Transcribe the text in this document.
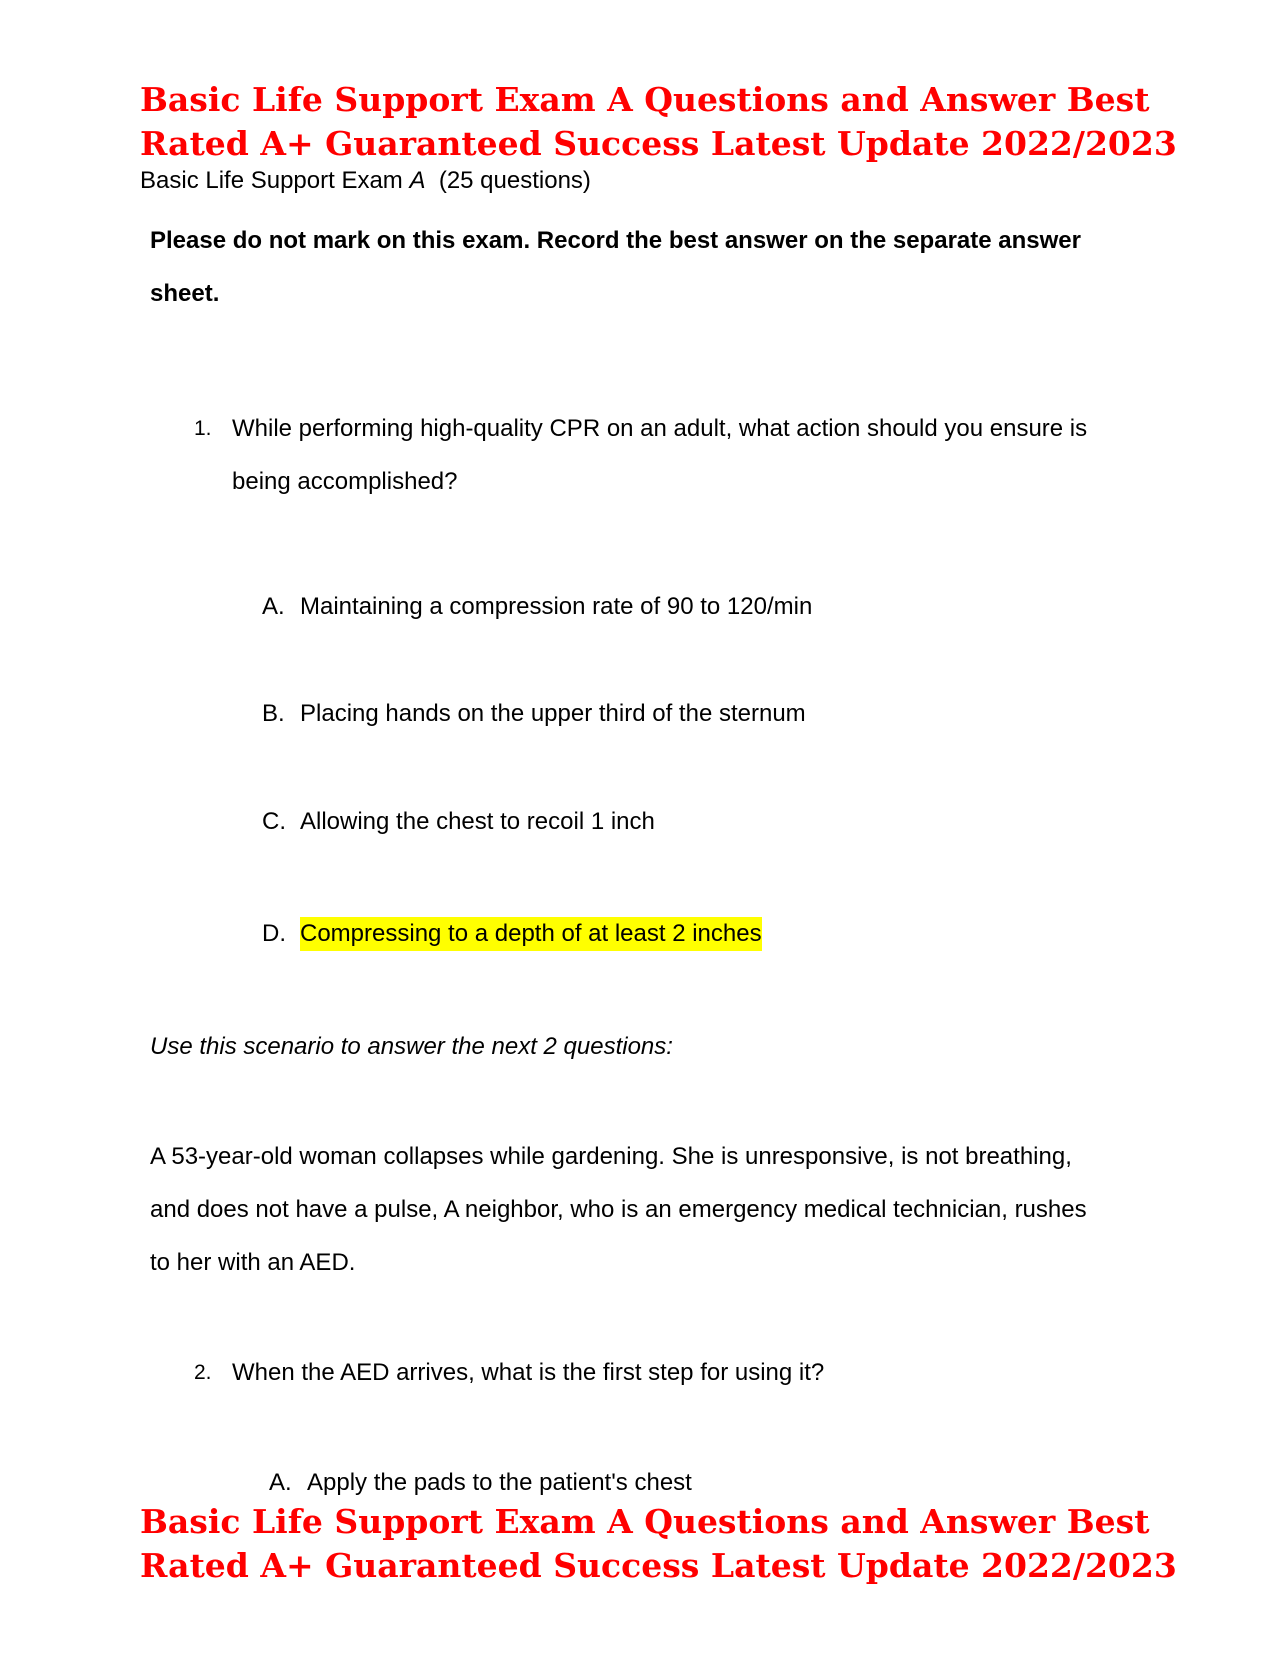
Basic Life Support Exam A Questions and Answer Best
Rated A+ Guaranteed Success Latest Update 2022/2023
Basic Life Support Exam A  (25 questions)
Please do not mark on this exam. Record the best answer on the separate answer sheet.
1. While performing high-quality CPR on an adult, what action should you ensure is being accomplished?
A. Maintaining a compression rate of 90 to 120/min
B. Placing hands on the upper third of the sternum
C. Allowing the chest to recoil 1 inch
D. Compressing to a depth of at least 2 inches
Use this scenario to answer the next 2 questions:
A 53-year-old woman collapses while gardening. She is unresponsive, is not breathing, and does not have a pulse, A neighbor, who is an emergency medical technician, rushes to her with an AED.
2. When the AED arrives, what is the first step for using it?
A. Apply the pads to the patient's chest
Basic Life Support Exam A Questions and Answer Best
Rated A+ Guaranteed Success Latest Update 2022/2023
